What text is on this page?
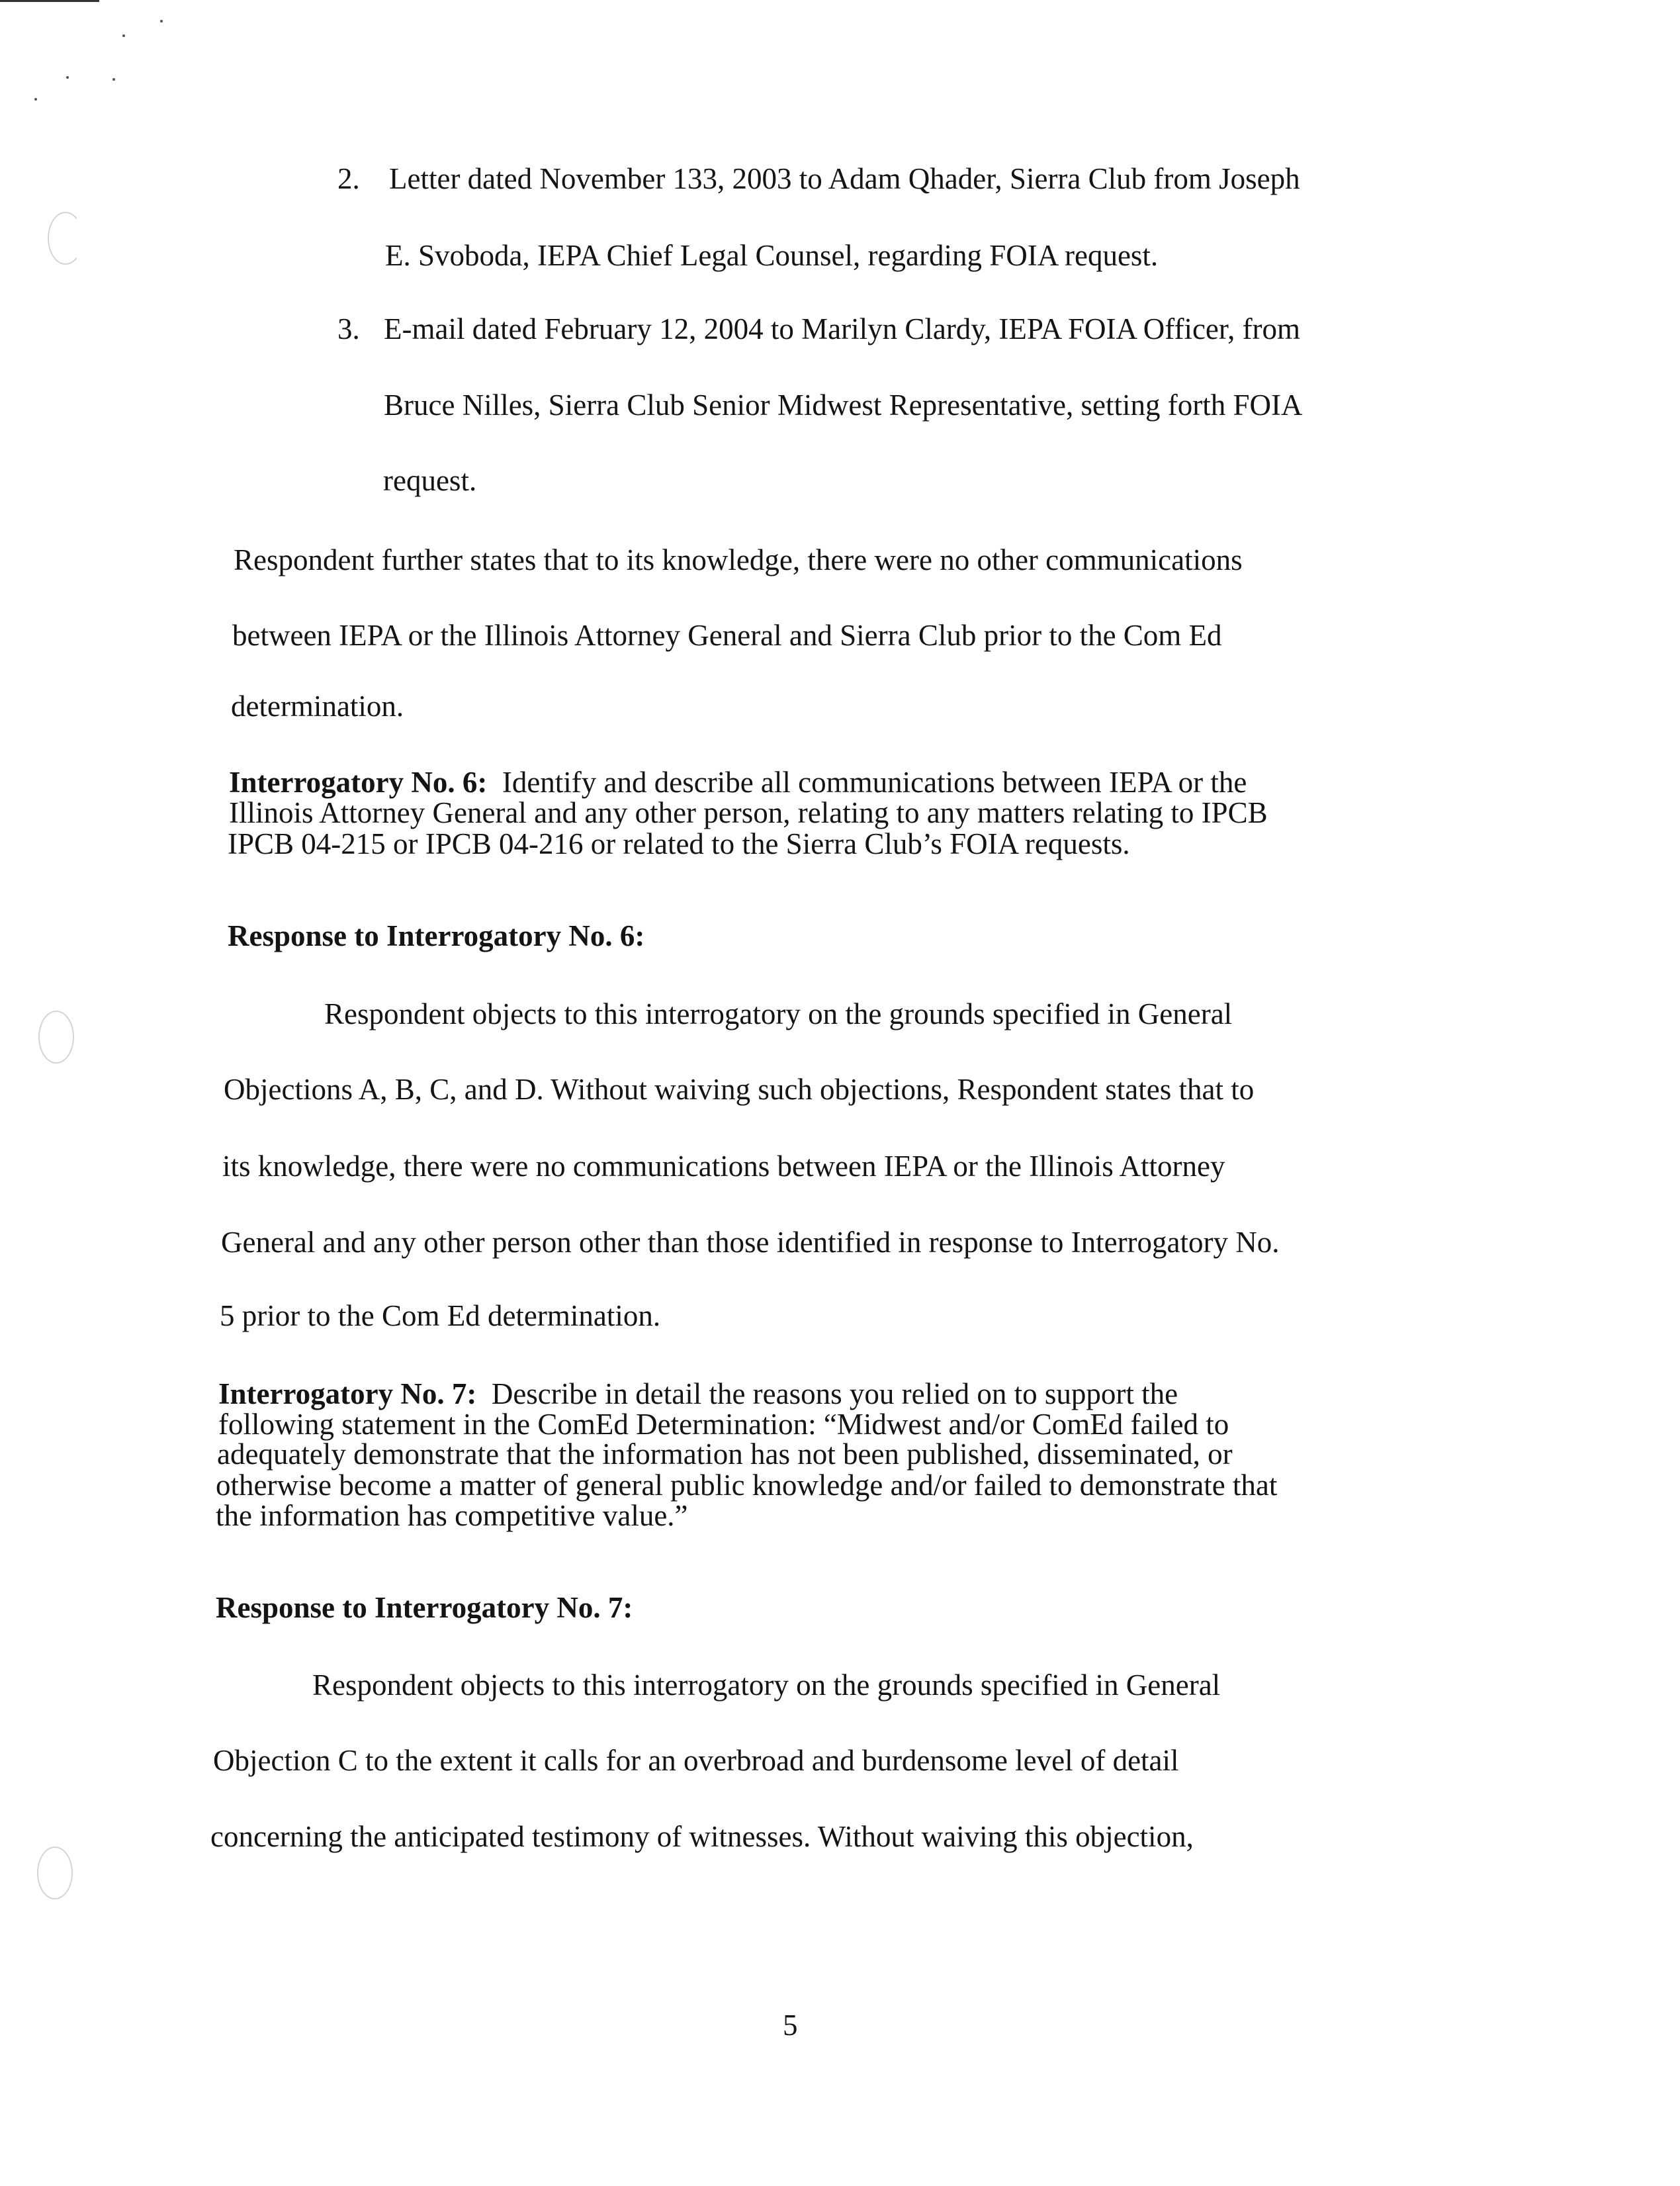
2. Letter dated November 133, 2003 to Adam Qhader, Sierra Club from Joseph
E. Svoboda, IEPA Chief Legal Counsel, regarding FOIA request.
3. E-mail dated February 12, 2004 to Marilyn Clardy, IEPA FOIA Officer, from
Bruce Nilles, Sierra Club Senior Midwest Representative, setting forth FOIA
request.
Respondent further states that to its knowledge, there were no other communications
between IEPA or the Illinois Attorney General and Sierra Club prior to the Com Ed
determination.
Interrogatory No. 6: Identify and describe all communications between IEPA or the
Illinois Attorney General and any other person, relating to any matters relating to IPCB
IPCB 04-215 or IPCB 04-216 or related to the Sierra Club’s FOIA requests.
Response to Interrogatory No. 6:
Respondent objects to this interrogatory on the grounds specified in General
Objections A, B, C, and D. Without waiving such objections, Respondent states that to
its knowledge, there were no communications between IEPA or the Illinois Attorney
General and any other person other than those identified in response to Interrogatory No.
5 prior to the Com Ed determination.
Interrogatory No. 7: Describe in detail the reasons you relied on to support the
following statement in the ComEd Determination: “Midwest and/or ComEd failed to
adequately demonstrate that the information has not been published, disseminated, or
otherwise become a matter of general public knowledge and/or failed to demonstrate that
the information has competitive value.”
Response to Interrogatory No. 7:
Respondent objects to this interrogatory on the grounds specified in General
Objection C to the extent it calls for an overbroad and burdensome level of detail
concerning the anticipated testimony of witnesses. Without waiving this objection,
5
